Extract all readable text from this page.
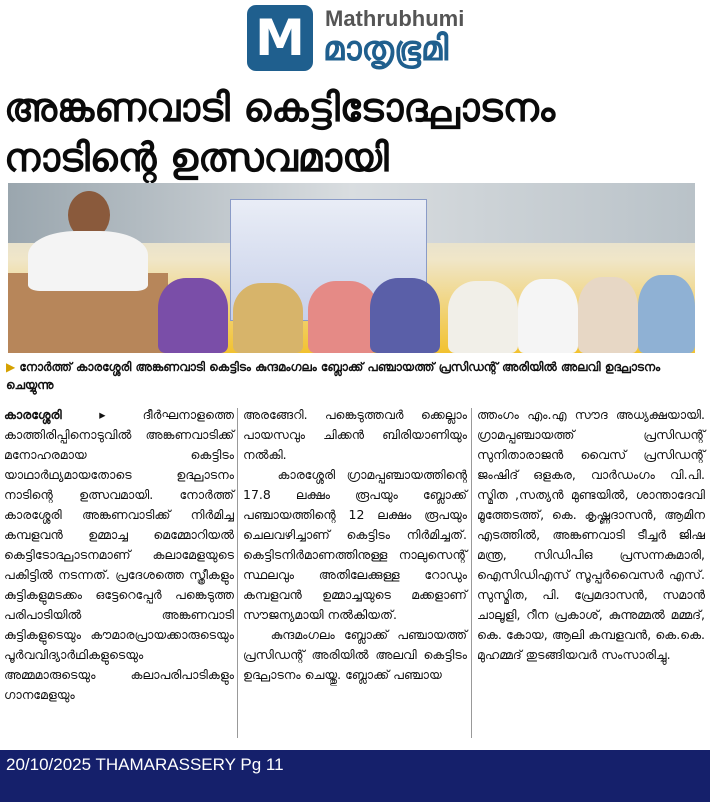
M Mathrubhumi
മാതൃഭൂമി
അങ്കണവാടി കെട്ടിടോദ്ഘാടനം
നാടിന്റെ ഉത്സവമായി

▶ നോർത്ത് കാരശ്ശേരി അങ്കണവാടി കെട്ടിടം കുന്ദമംഗലം ബ്ലോക്ക് പഞ്ചായത്ത് പ്രസിഡന്റ് അരിയിൽ അലവി ഉദ്ഘാടനം ചെയ്യുന്നു

കാരശ്ശേരി ▸	ദീർഘനാളത്തെ കാത്തിരിപ്പിനൊടുവിൽ അങ്കണവാടിക്ക് മനോഹരമായ കെട്ടിടം യാഥാർഥ്യമായതോടെ ഉദ്ഘാടനം നാടിന്റെ ഉത്സവമായി. നോർത്ത് കാരശ്ശേരി അങ്കണവാടിക്ക് നിർമിച്ച കമ്പളവൻ ഉമ്മാച്ച മെമ്മോറിയൽ കെട്ടിടോദ്ഘാടനമാണ് കലാമേളയുടെ പകിട്ടിൽ നടന്നത്. പ്രദേശത്തെ സ്ത്രീകളും കുട്ടികളുമടക്കം ഒട്ടേറെപ്പേർ പങ്കെടുത്ത പരിപാടിയിൽ അങ്കണവാടി കുട്ടികളുടെയും കൗമാരപ്രായക്കാരുടെയും പൂർവവിദ്യാർഥികളുടെയും അമ്മമാരുടെയും കലാപരിപാടികളും ഗാനമേളയും

അരങ്ങേറി. പങ്കെടുത്തവർ ക്കെല്ലാം പായസവും ചിക്കൻ ബിരിയാണിയും നൽകി.
കാരശ്ശേരി ഗ്രാമപ്പഞ്ചായത്തിന്റെ 17.8 ലക്ഷം രൂപയും ബ്ലോക്ക് പഞ്ചായത്തിന്റെ 12 ലക്ഷം രൂപയും ചെലവഴിച്ചാണ് കെട്ടിടം നിർമിച്ചത്. കെട്ടിടനിർമാണത്തിനുള്ള നാലുസെന്റ് സ്ഥലവും അതിലേക്കുള്ള റോഡും കമ്പളവൻ ഉമ്മാച്ചയുടെ മക്കളാണ് സൗജന്യമായി നൽകിയത്.
കുന്ദമംഗലം ബ്ലോക്ക് പഞ്ചായത്ത് പ്രസിഡന്റ് അരിയിൽ അലവി കെട്ടിടം ഉദ്ഘാടനം ചെയ്തു. ബ്ലോക്ക് പഞ്ചായ

ത്തംഗം എം.എ സൗദ അധ്യക്ഷയായി. ഗ്രാമപ്പഞ്ചായത്ത് പ്രസിഡന്റ് സുനിതാരാജൻ വൈസ് പ്രസിഡന്റ് ജംഷിദ് ഒളകര, വാർഡംഗം വി.പി. സ്മിത ,സത്യൻ മുണ്ടയിൽ, ശാന്താദേവി മൂത്തേടത്ത്, കെ. കൃഷ്ണദാസൻ, ആമിന എടത്തിൽ, അങ്കണവാടി ടീച്ചർ ജിഷ മന്ത്ര, സിഡിപിഒ പ്രസന്നകുമാരി, ഐസിഡിഎസ് സൂപ്പർവൈസർ എസ്. സുസ്മിത, പി. പ്രേമദാസൻ, സമാൻ ചാലൂളി, റീന പ്രകാശ്, കുന്നുമ്മൽ മമ്മദ്, കെ. കോയ, ആലി കമ്പളവൻ, കെ.കെ. മുഹമ്മദ് തുടങ്ങിയവർ സംസാരിച്ചു.

20/10/2025 THAMARASSERY Pg 11
